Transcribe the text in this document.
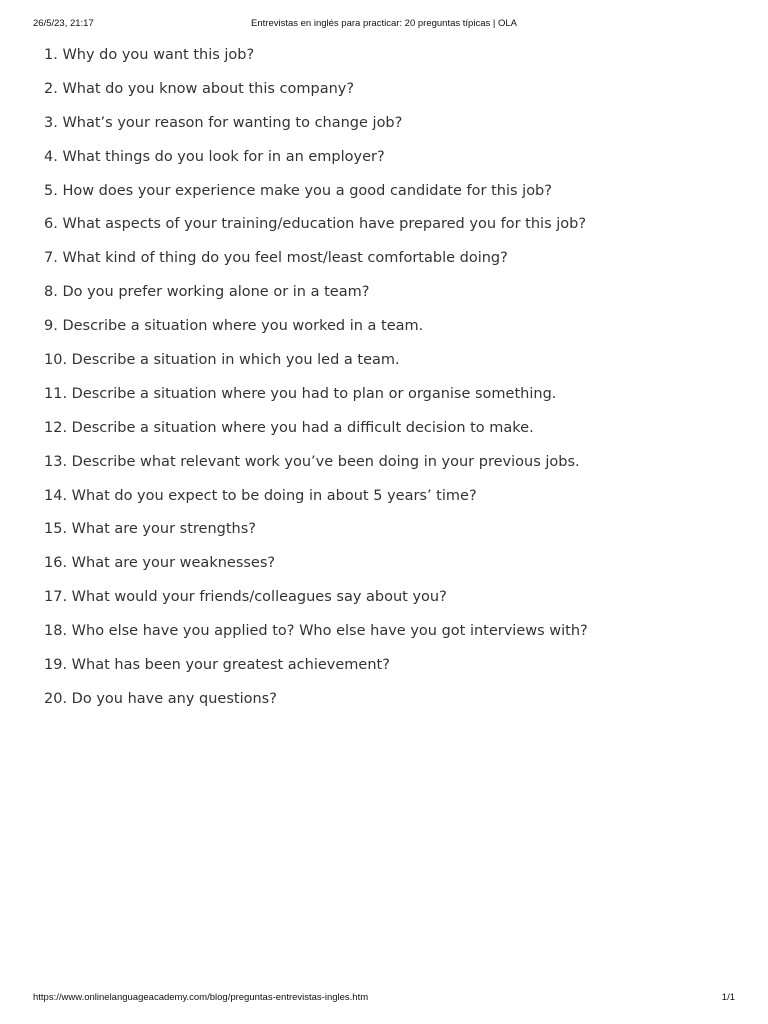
26/5/23, 21:17	Entrevistas en inglés para practicar: 20 preguntas típicas | OLA
1. Why do you want this job?
2. What do you know about this company?
3. What’s your reason for wanting to change job?
4. What things do you look for in an employer?
5. How does your experience make you a good candidate for this job?
6. What aspects of your training/education have prepared you for this job?
7. What kind of thing do you feel most/least comfortable doing?
8. Do you prefer working alone or in a team?
9. Describe a situation where you worked in a team.
10. Describe a situation in which you led a team.
11. Describe a situation where you had to plan or organise something.
12. Describe a situation where you had a difficult decision to make.
13. Describe what relevant work you’ve been doing in your previous jobs.
14. What do you expect to be doing in about 5 years’ time?
15. What are your strengths?
16. What are your weaknesses?
17. What would your friends/colleagues say about you?
18. Who else have you applied to? Who else have you got interviews with?
19. What has been your greatest achievement?
20. Do you have any questions?
https://www.onlinelanguageacademy.com/blog/preguntas-entrevistas-ingles.htm	1/1
